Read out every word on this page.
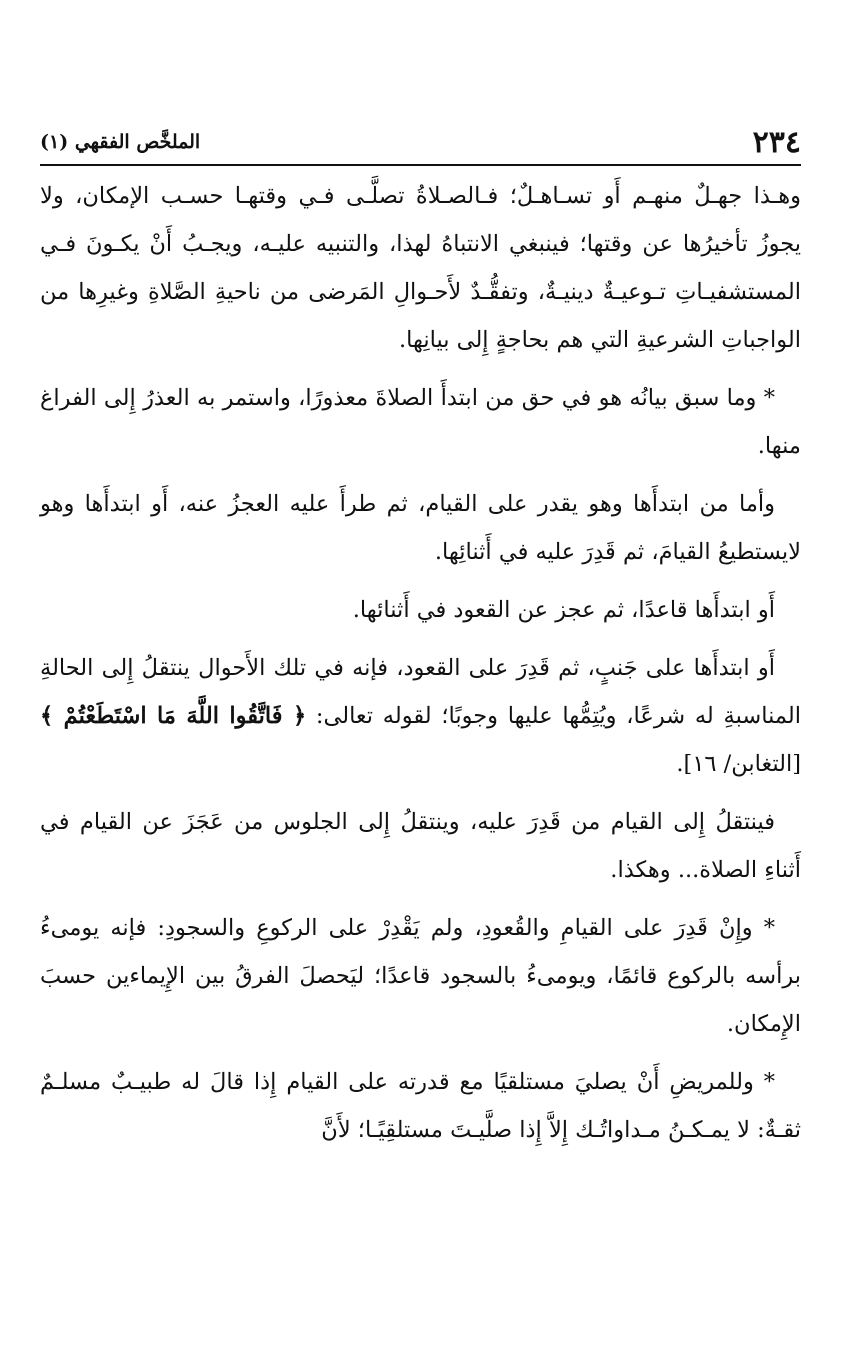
٢٣٤
الملخَّص الفقهي (١)

وهـذا جهـلٌ منهـم أَو تسـاهـلٌ؛ فـالصـلاةُ تصلَّـى فـي وقتهـا حسـب الإمكان، ولا يجوزُ تأخيرُها عن وقتها؛ فينبغي الانتباهُ لهذا، والتنبيه عليـه، ويجـبُ أَنْ يكـونَ فـي المستشفيـاتِ تـوعيـةٌ دينيـةٌ، وتفقُّـدٌ لأَحـوالِ المَرضى من ناحيةِ الصَّلاةِ وغيرِها من الواجباتِ الشرعيةِ التي هم بحاجةٍ إِلى بيانِها.

* وما سبق بيانُه هو في حق من ابتدأَ الصلاةَ معذورًا، واستمر به العذرُ إِلى الفراغ منها.

وأما من ابتدأَها وهو يقدر على القيام، ثم طرأَ عليه العجزُ عنه، أَو ابتدأَها وهو لايستطيعُ القيامَ، ثم قَدِرَ عليه في أَثنائِها.

أَو ابتدأَها قاعدًا، ثم عجز عن القعود في أَثنائها.

أَو ابتدأَها على جَنبٍ، ثم قَدِرَ على القعود، فإنه في تلك الأَحوال ينتقلُ إِلى الحالةِ المناسبةِ له شرعًا، ويُتِمُّها عليها وجوبًا؛ لقوله تعالى: ﴿ فَاتَّقُوا اللَّهَ مَا اسْتَطَعْتُمْ ﴾ [التغابن/ ١٦].

فينتقلُ إِلى القيام من قَدِرَ عليه، وينتقلُ إِلى الجلوس من عَجَزَ عن القيام في أَثناءِ الصلاة... وهكذا.

* وإِنْ قَدِرَ على القيامِ والقُعودِ، ولم يَقْدِرْ على الركوعِ والسجودِ: فإنه يومىءُ برأسه بالركوع قائمًا، ويومىءُ بالسجود قاعدًا؛ ليَحصلَ الفرقُ بين الإِيماءين حسبَ الإِمكان.

* وللمريضِ أَنْ يصليَ مستلقيًا مع قدرته على القيام إِذا قالَ له طبيـبٌ مسلـمٌ ثقـةٌ: لا يمـكـنُ مـداواتُـك إِلاَّ إِذا صلَّيـتَ مستلقِيًـا؛ لأَنَّ
